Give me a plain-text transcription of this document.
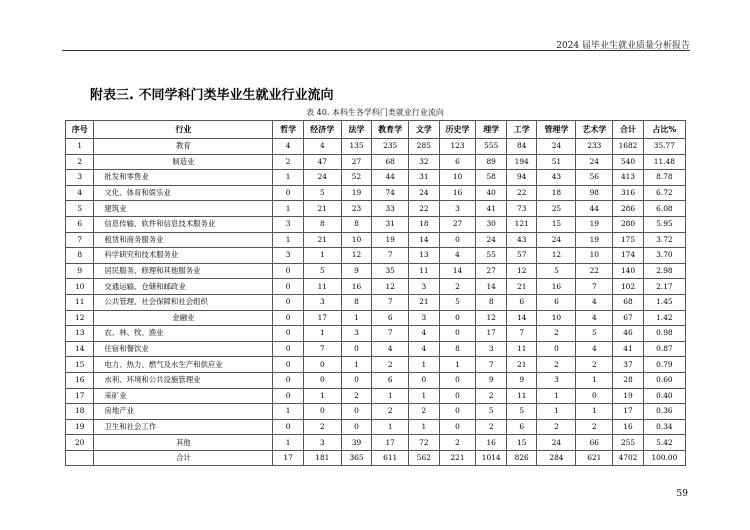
2024 届毕业生就业质量分析报告
附表三. 不同学科门类毕业生就业行业流向
表 40. 本科生各学科门类就业行业流向
序号	行业	哲学	经济学	法学	教育学	文学	历史学	理学	工学	管理学	艺术学	合计	占比%
1	教育	4	4	135	235	285	123	555	84	24	233	1682	35.77
2	制造业	2	47	27	68	32	6	89	194	51	24	540	11.48
3	批发和零售业	1	24	52	44	31	10	58	94	43	56	413	8.78
4	文化、体育和娱乐业	0	5	19	74	24	16	40	22	18	98	316	6.72
5	建筑业	1	21	23	33	22	3	41	73	25	44	286	6.08
6	信息传输、软件和信息技术服务业	3	8	8	31	18	27	30	121	15	19	280	5.95
7	租赁和商务服务业	1	21	10	19	14	0	24	43	24	19	175	3.72
8	科学研究和技术服务业	3	1	12	7	13	4	55	57	12	10	174	3.70
9	居民服务、修理和其他服务业	0	5	9	35	11	14	27	12	5	22	140	2.98
10	交通运输、仓储和邮政业	0	11	16	12	3	2	14	21	16	7	102	2.17
11	公共管理、社会保障和社会组织	0	3	8	7	21	5	8	6	6	4	68	1.45
12	金融业	0	17	1	6	3	0	12	14	10	4	67	1.42
13	农、林、牧、渔业	0	1	3	7	4	0	17	7	2	5	46	0.98
14	住宿和餐饮业	0	7	0	4	4	8	3	11	0	4	41	0.87
15	电力、热力、燃气及水生产和供应业	0	0	1	2	1	1	7	21	2	2	37	0.79
16	水利、环境和公共设施管理业	0	0	0	6	0	0	9	9	3	1	28	0.60
17	采矿业	0	1	2	1	1	0	2	11	1	0	19	0.40
18	房地产业	1	0	0	2	2	0	5	5	1	1	17	0.36
19	卫生和社会工作	0	2	0	1	1	0	2	6	2	2	16	0.34
20	其他	1	3	39	17	72	2	16	15	24	66	255	5.42
	合计	17	181	365	611	562	221	1014	826	284	621	4702	100.00
59
